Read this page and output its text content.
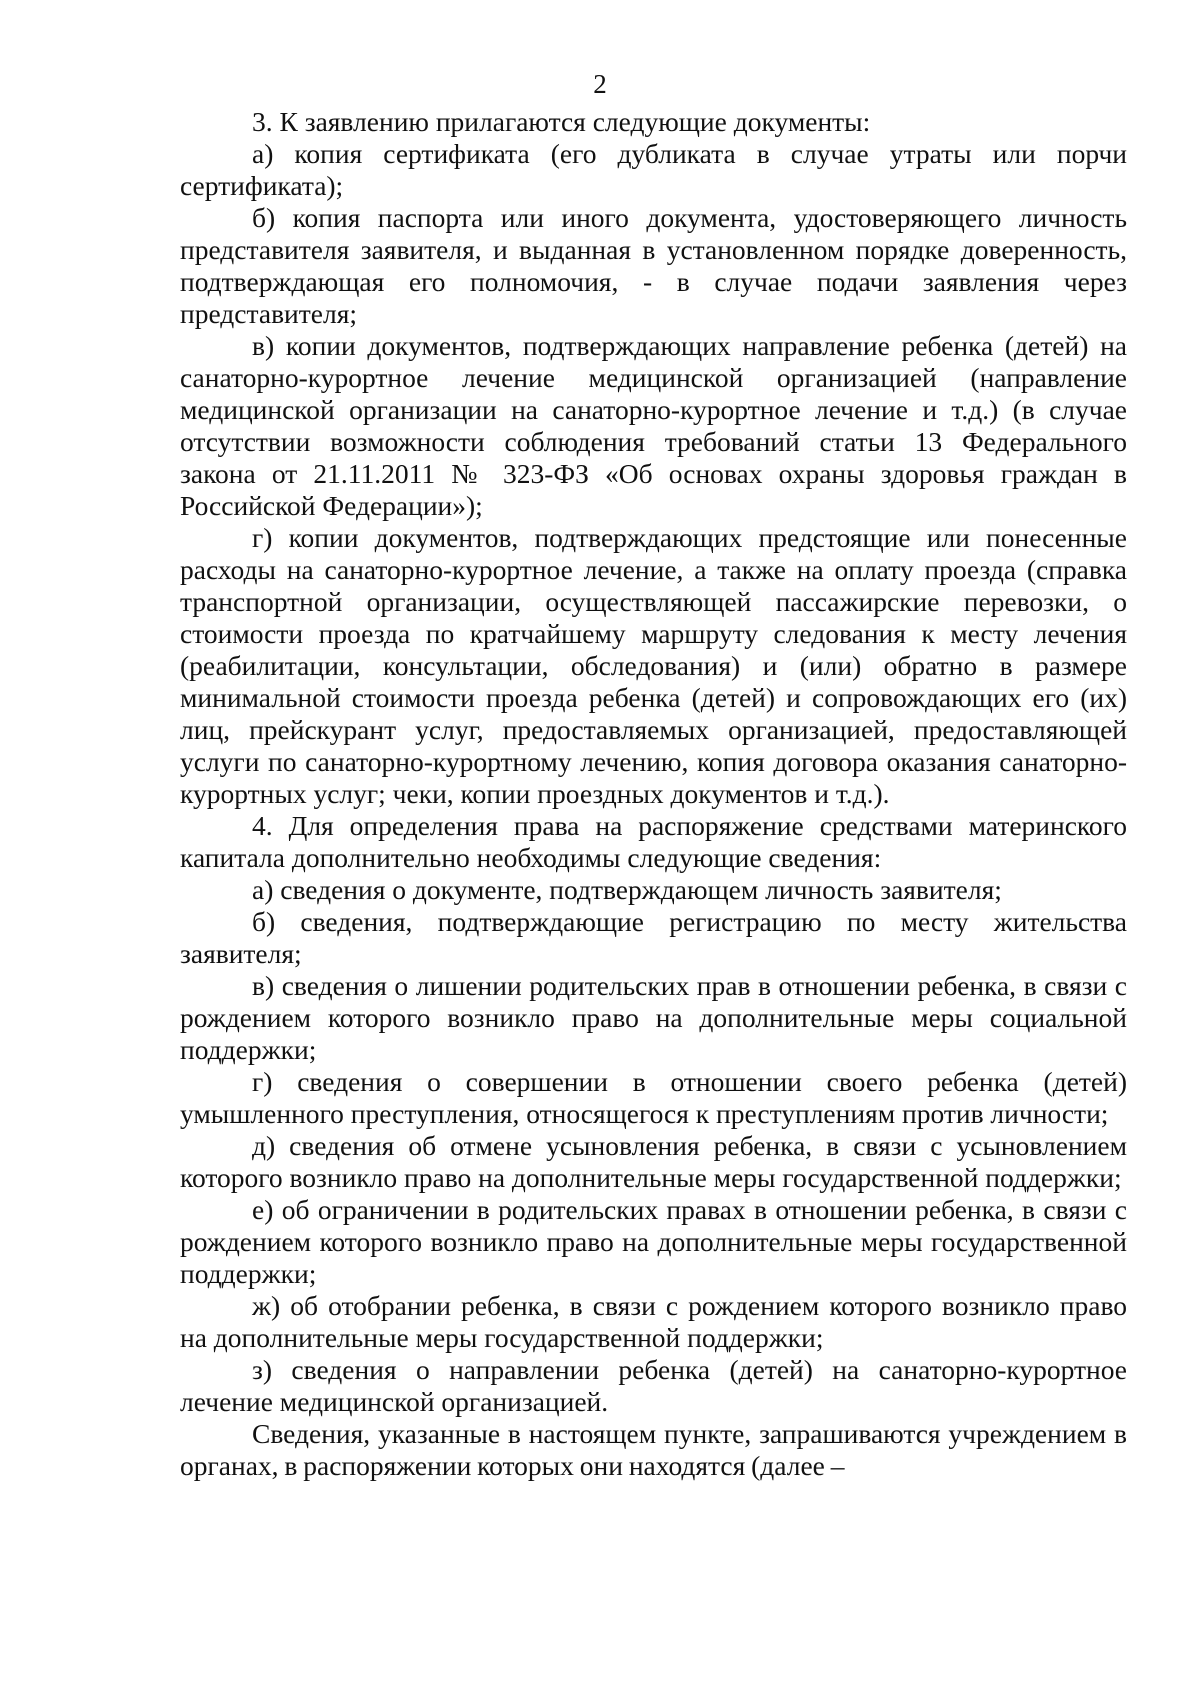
2

3. К заявлению прилагаются следующие документы:

а) копия сертификата (его дубликата в случае утраты или порчи сертификата);

б) копия паспорта или иного документа, удостоверяющего личность представителя заявителя, и выданная в установленном порядке доверенность, подтверждающая его полномочия, - в случае подачи заявления через представителя;

в) копии документов, подтверждающих направление ребенка (детей) на санаторно-курортное лечение медицинской организацией (направление медицинской организации на санаторно-курортное лечение и т.д.) (в случае отсутствии возможности соблюдения требований статьи 13 Федерального закона от 21.11.2011 № 323-ФЗ «Об основах охраны здоровья граждан в Российской Федерации»);

г) копии документов, подтверждающих предстоящие или понесенные расходы на санаторно-курортное лечение, а также на оплату проезда (справка транспортной организации, осуществляющей пассажирские перевозки, о стоимости проезда по кратчайшему маршруту следования к месту лечения (реабилитации, консультации, обследования) и (или) обратно в размере минимальной стоимости проезда ребенка (детей) и сопровождающих его (их) лиц, прейскурант услуг, предоставляемых организацией, предоставляющей услуги по санаторно-курортному лечению, копия договора оказания санаторно-курортных услуг; чеки, копии проездных документов и т.д.).

4. Для определения права на распоряжение средствами материнского капитала дополнительно необходимы следующие сведения:

а) сведения о документе, подтверждающем личность заявителя;

б) сведения, подтверждающие регистрацию по месту жительства заявителя;

в) сведения о лишении родительских прав в отношении ребенка, в связи с рождением которого возникло право на дополнительные меры социальной поддержки;

г) сведения о совершении в отношении своего ребенка (детей) умышленного преступления, относящегося к преступлениям против личности;

д) сведения об отмене усыновления ребенка, в связи с усыновлением которого возникло право на дополнительные меры государственной поддержки;

е) об ограничении в родительских правах в отношении ребенка, в связи с рождением которого возникло право на дополнительные меры государственной поддержки;

ж) об отобрании ребенка, в связи с рождением которого возникло право на дополнительные меры государственной поддержки;

з) сведения о направлении ребенка (детей) на санаторно-курортное лечение медицинской организацией.

Сведения, указанные в настоящем пункте, запрашиваются учреждением в органах, в распоряжении которых они находятся (далее –
